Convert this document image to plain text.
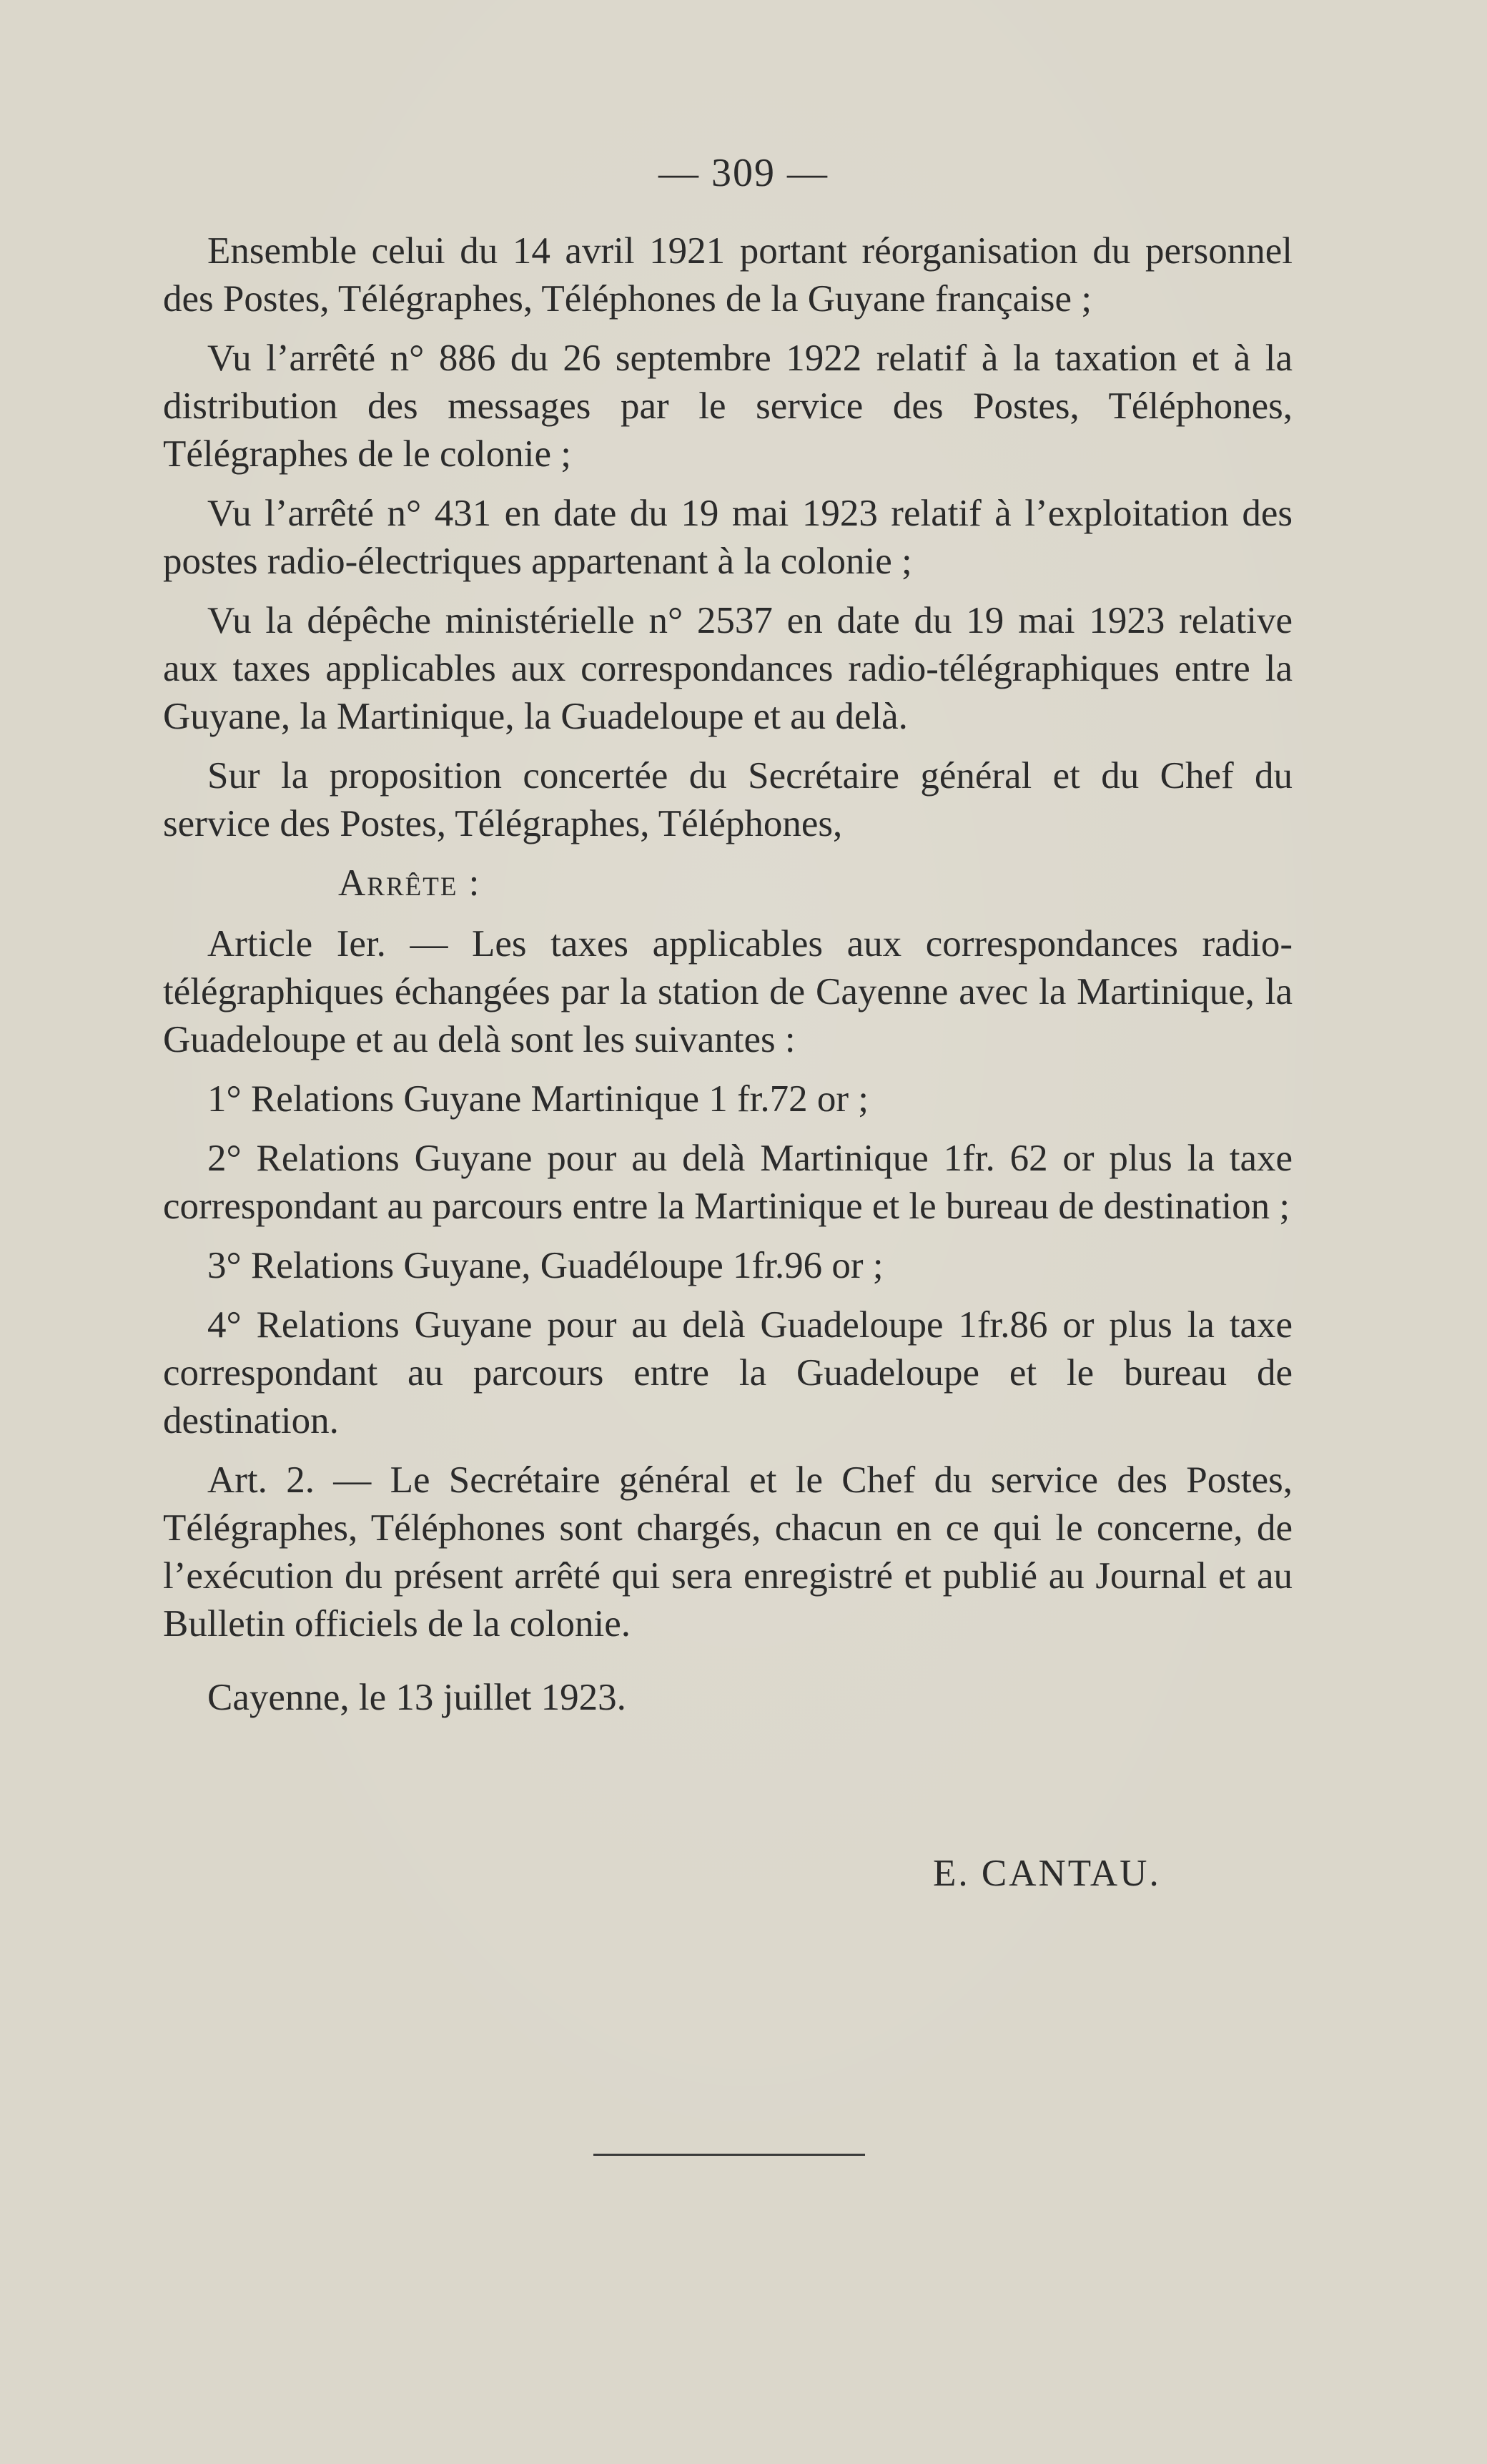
— 309 —

Ensemble celui du 14 avril 1921 portant réorganisation du personnel des Postes, Télégraphes, Téléphones de la Guyane française ;

Vu l’arrêté n° 886 du 26 septembre 1922 relatif à la taxation et à la distribution des messages par le service des Postes, Téléphones, Télégraphes de le colonie ;

Vu l’arrêté n° 431 en date du 19 mai 1923 relatif à l’exploitation des postes radio-électriques appartenant à la colonie ;

Vu la dépêche ministérielle n° 2537 en date du 19 mai 1923 relative aux taxes applicables aux correspondances radio-télégraphiques entre la Guyane, la Martinique, la Guadeloupe et au delà.

Sur la proposition concertée du Secrétaire général et du Chef du service des Postes, Télégraphes, Téléphones,

Arrête :

Article Ier. — Les taxes applicables aux correspondances radio-télégraphiques échangées par la station de Cayenne avec la Martinique, la Guadeloupe et au delà sont les suivantes :

1° Relations Guyane Martinique 1 fr.72 or ;

2° Relations Guyane pour au delà Martinique 1fr. 62 or plus la taxe correspondant au parcours entre la Martinique et le bureau de destination ;

3° Relations Guyane, Guadéloupe 1fr.96 or ;

4° Relations Guyane pour au delà Guadeloupe 1fr.86 or plus la taxe correspondant au parcours entre la Guadeloupe et le bureau de destination.

Art. 2. — Le Secrétaire général et le Chef du service des Postes, Télégraphes, Téléphones sont chargés, chacun en ce qui le concerne, de l’exécution du présent arrêté qui sera enregistré et publié au Journal et au Bulletin officiels de la colonie.

Cayenne, le 13 juillet 1923.

E. CANTAU.
